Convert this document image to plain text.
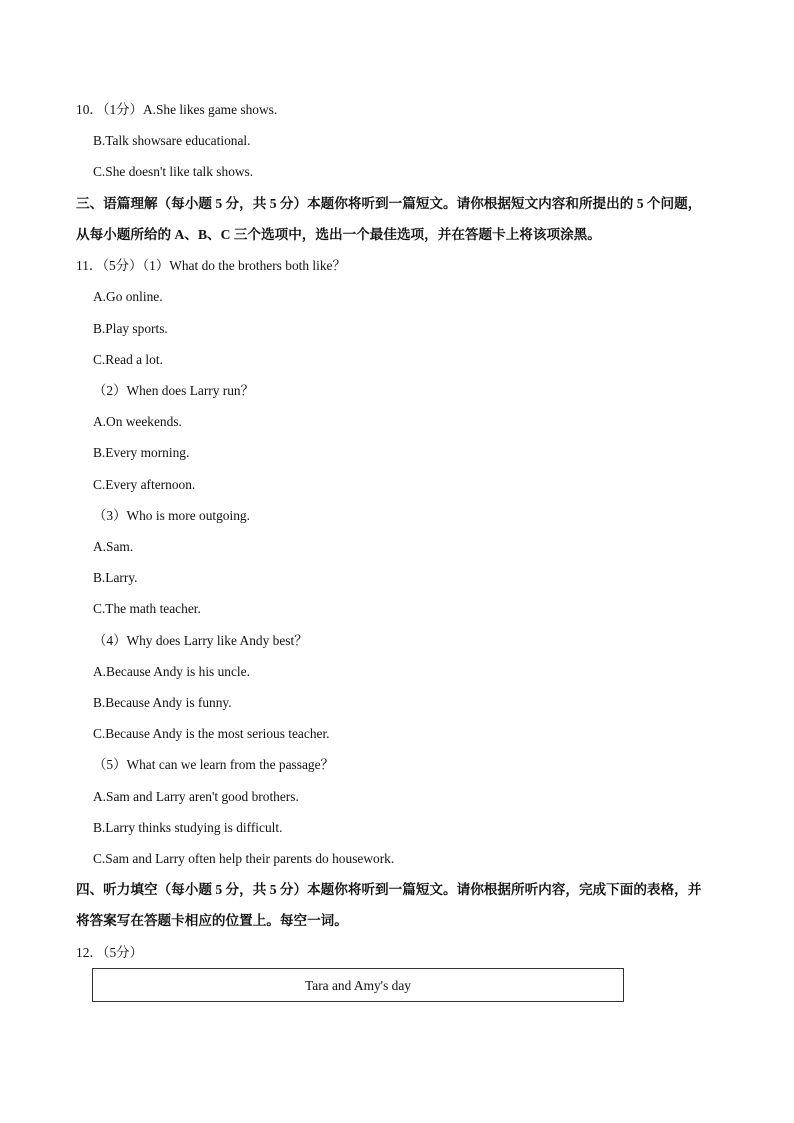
10．（1分）A.She likes game shows.
B.Talk showsare educational.
C.She doesn't like talk shows.
三、语篇理解（每小题 5 分，共 5 分）本题你将听到一篇短文。请你根据短文内容和所提出的 5 个问题，
从每小题所给的 A、B、C 三个选项中，选出一个最佳选项，并在答题卡上将该项涂黑。
11．（5分）（1）What do the brothers both like？
A.Go online.
B.Play sports.
C.Read a lot.
（2）When does Larry run？
A.On weekends.
B.Every morning.
C.Every afternoon.
（3）Who is more outgoing.
A.Sam.
B.Larry.
C.The math teacher.
（4）Why does Larry like Andy best？
A.Because Andy is his uncle.
B.Because Andy is funny.
C.Because Andy is the most serious teacher.
（5）What can we learn from the passage？
A.Sam and Larry aren't good brothers.
B.Larry thinks studying is difficult.
C.Sam and Larry often help their parents do housework.
四、听力填空（每小题 5 分，共 5 分）本题你将听到一篇短文。请你根据所听内容，完成下面的表格，并
将答案写在答题卡相应的位置上。每空一词。
12．（5分）
Tara and Amy's day
